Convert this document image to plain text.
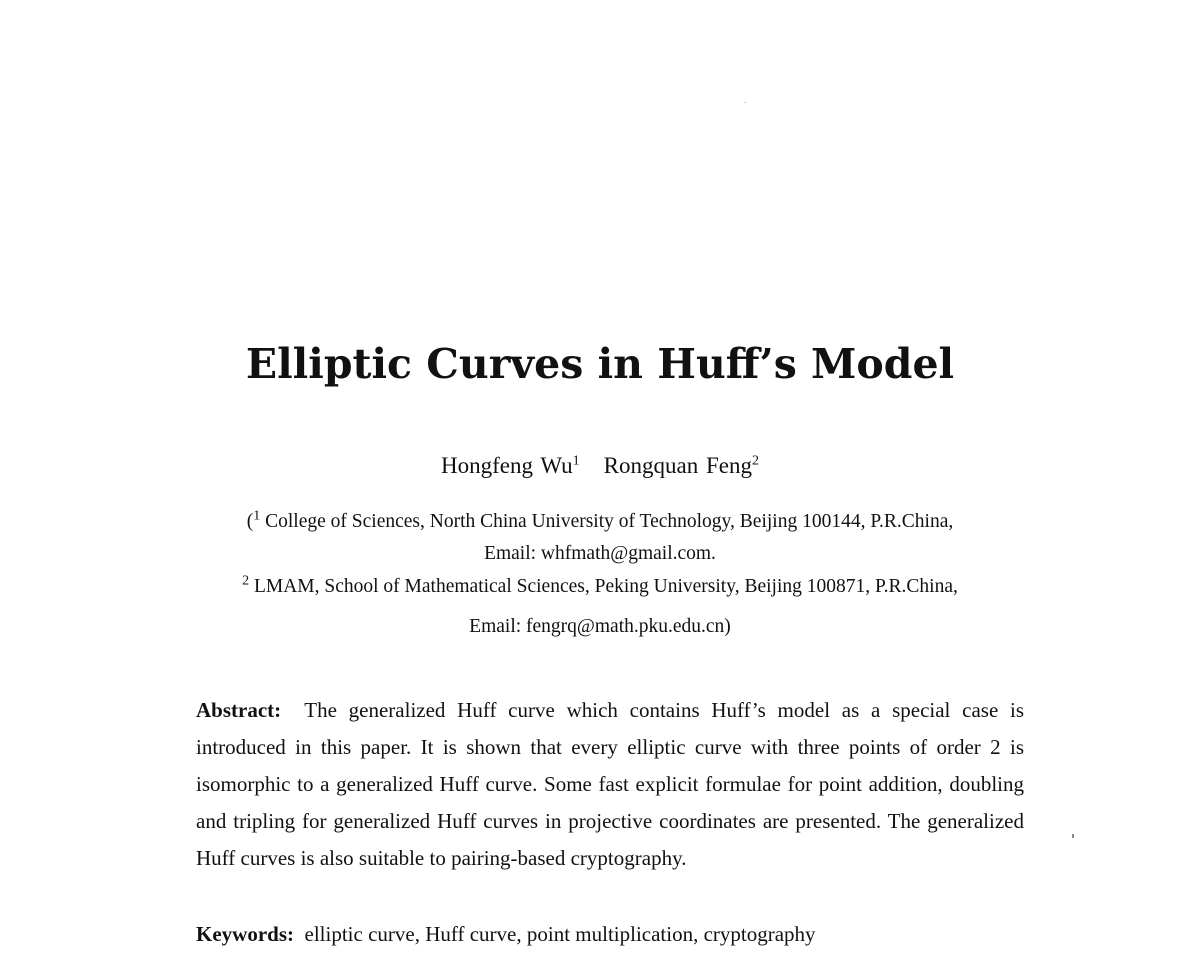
Elliptic Curves in Huff’s Model
Hongfeng Wu$^1$ Rongquan Feng$^2$
($^1$ College of Sciences, North China University of Technology, Beijing 100144, P.R.China,
Email: whfmath@gmail.com.
$^2$ LMAM, School of Mathematical Sciences, Peking University, Beijing 100871, P.R.China,
Email: fengrq@math.pku.edu.cn)
Abstract: The generalized Huff curve which contains Huff’s model as a special case is introduced in this paper. It is shown that every elliptic curve with three points of order 2 is isomorphic to a generalized Huff curve. Some fast explicit formulae for point addition, doubling and tripling for generalized Huff curves in projective coordinates are presented. The generalized Huff curves is also suitable to pairing-based cryptography.
Keywords: elliptic curve, Huff curve, point multiplication, cryptography
